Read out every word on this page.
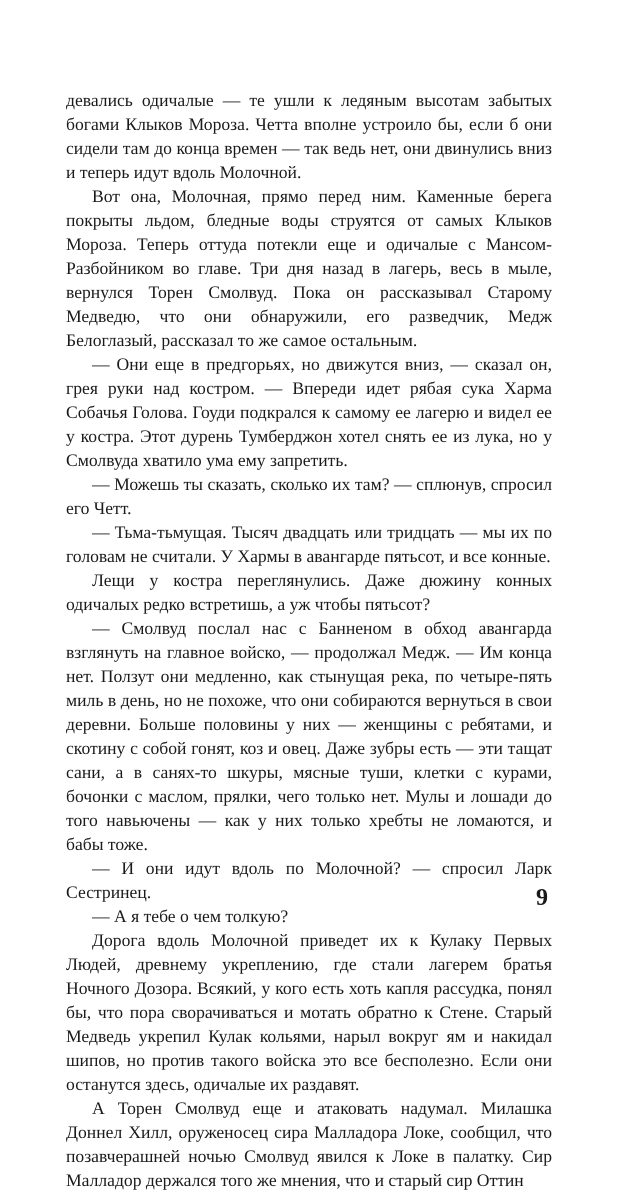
девались одичалые — те ушли к ледяным высотам забытых богами Клыков Мороза. Четта вполне устроило бы, если б они сидели там до конца времен — так ведь нет, они двинулись вниз и теперь идут вдоль Молочной.

Вот она, Молочная, прямо перед ним. Каменные берега покрыты льдом, бледные воды струятся от самых Клыков Мороза. Теперь оттуда потекли еще и одичалые с Мансом-Разбойником во главе. Три дня назад в лагерь, весь в мыле, вернулся Торен Смолвуд. Пока он рассказывал Старому Медведю, что они обнаружили, его разведчик, Медж Белоглазый, рассказал то же самое остальным.

— Они еще в предгорьях, но движутся вниз, — сказал он, грея руки над костром. — Впереди идет рябая сука Харма Собачья Голова. Гоуди подкрался к самому ее лагерю и видел ее у костра. Этот дурень Тумберджон хотел снять ее из лука, но у Смолвуда хватило ума ему запретить.

— Можешь ты сказать, сколько их там? — сплюнув, спросил его Четт.

— Тьма-тьмущая. Тысяч двадцать или тридцать — мы их по головам не считали. У Хармы в авангарде пятьсот, и все конные.

Лещи у костра переглянулись. Даже дюжину конных одичалых редко встретишь, а уж чтобы пятьсот?

— Смолвуд послал нас с Банненом в обход авангарда взглянуть на главное войско, — продолжал Медж. — Им конца нет. Ползут они медленно, как стынущая река, по четыре-пять миль в день, но не похоже, что они собираются вернуться в свои деревни. Больше половины у них — женщины с ребятами, и скотину с собой гонят, коз и овец. Даже зубры есть — эти тащат сани, а в санях-то шкуры, мясные туши, клетки с курами, бочонки с маслом, прялки, чего только нет. Мулы и лошади до того навьючены — как у них только хребты не ломаются, и бабы тоже.

— И они идут вдоль по Молочной? — спросил Ларк Сестринец.

— А я тебе о чем толкую?

Дорога вдоль Молочной приведет их к Кулаку Первых Людей, древнему укреплению, где стали лагерем братья Ночного Дозора. Всякий, у кого есть хоть капля рассудка, понял бы, что пора сворачиваться и мотать обратно к Стене. Старый Медведь укрепил Кулак кольями, нарыл вокруг ям и накидал шипов, но против такого войска это все бесполезно. Если они останутся здесь, одичалые их раздавят.

А Торен Смолвуд еще и атаковать надумал. Милашка Доннел Хилл, оруженосец сира Малладора Локе, сообщил, что позавчерашней ночью Смолвуд явился к Локе в палатку. Сир Малладор держался того же мнения, что и старый сир Оттин

9
